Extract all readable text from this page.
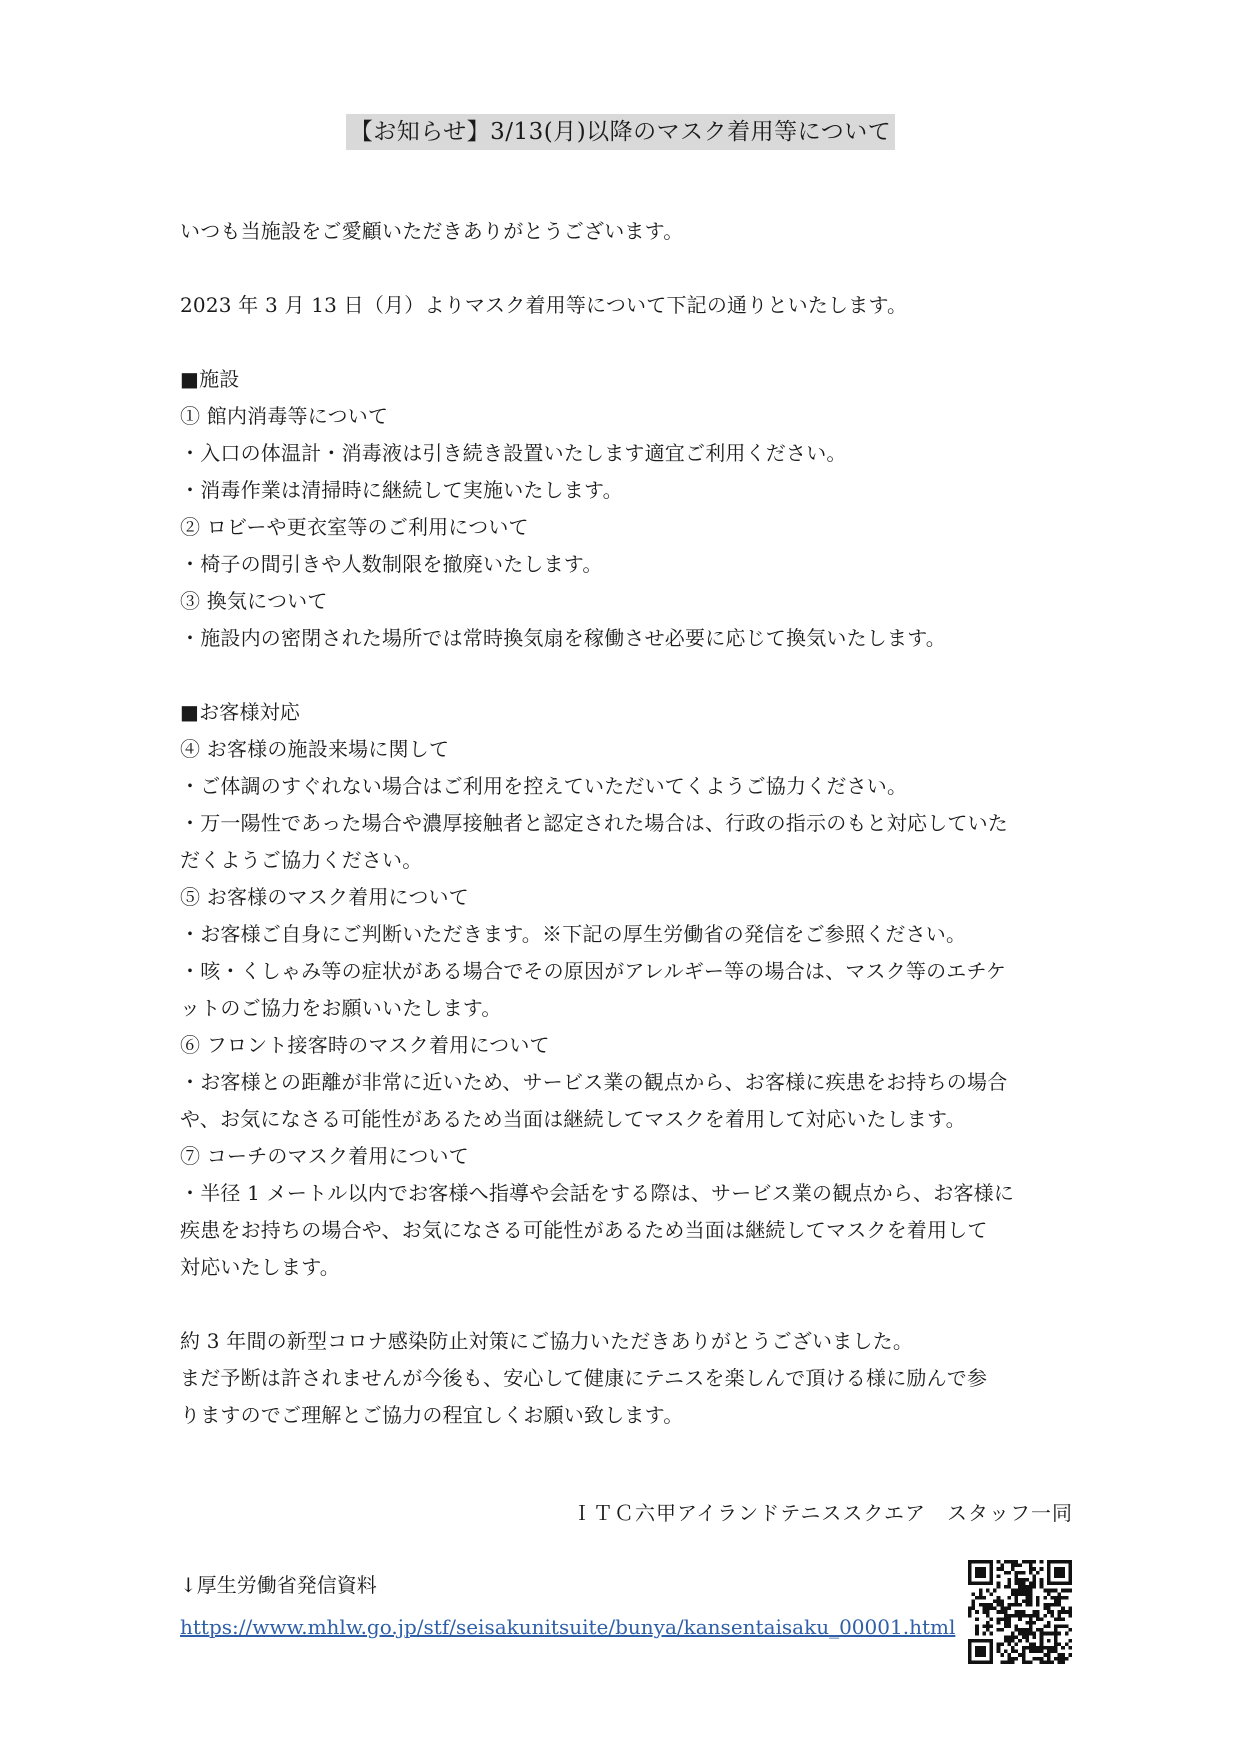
【お知らせ】3/13(月)以降のマスク着用等について
いつも当施設をご愛顧いただきありがとうございます。
2023 年 3 月 13 日（月）よりマスク着用等について下記の通りといたします。
■施設
① 館内消毒等について
・入口の体温計・消毒液は引き続き設置いたします適宜ご利用ください。
・消毒作業は清掃時に継続して実施いたします。
② ロビーや更衣室等のご利用について
・椅子の間引きや人数制限を撤廃いたします。
③ 換気について
・施設内の密閉された場所では常時換気扇を稼働させ必要に応じて換気いたします。
■お客様対応
④ お客様の施設来場に関して
・ご体調のすぐれない場合はご利用を控えていただいてくようご協力ください。
・万一陽性であった場合や濃厚接触者と認定された場合は、行政の指示のもと対応していた
だくようご協力ください。
⑤ お客様のマスク着用について
・お客様ご自身にご判断いただきます。※下記の厚生労働省の発信をご参照ください。
・咳・くしゃみ等の症状がある場合でその原因がアレルギー等の場合は、マスク等のエチケ
ットのご協力をお願いいたします。
⑥ フロント接客時のマスク着用について
・お客様との距離が非常に近いため、サービス業の観点から、お客様に疾患をお持ちの場合
や、お気になさる可能性があるため当面は継続してマスクを着用して対応いたします。
⑦ コーチのマスク着用について
・半径 1 メートル以内でお客様へ指導や会話をする際は、サービス業の観点から、お客様に
疾患をお持ちの場合や、お気になさる可能性があるため当面は継続してマスクを着用して
対応いたします。
約 3 年間の新型コロナ感染防止対策にご協力いただきありがとうございました。
まだ予断は許されませんが今後も、安心して健康にテニスを楽しんで頂ける様に励んで参
りますのでご理解とご協力の程宜しくお願い致します。
ＩＴＣ六甲アイランドテニススクエア　スタッフ一同
↓厚生労働省発信資料
https://www.mhlw.go.jp/stf/seisakunitsuite/bunya/kansentaisaku_00001.html
